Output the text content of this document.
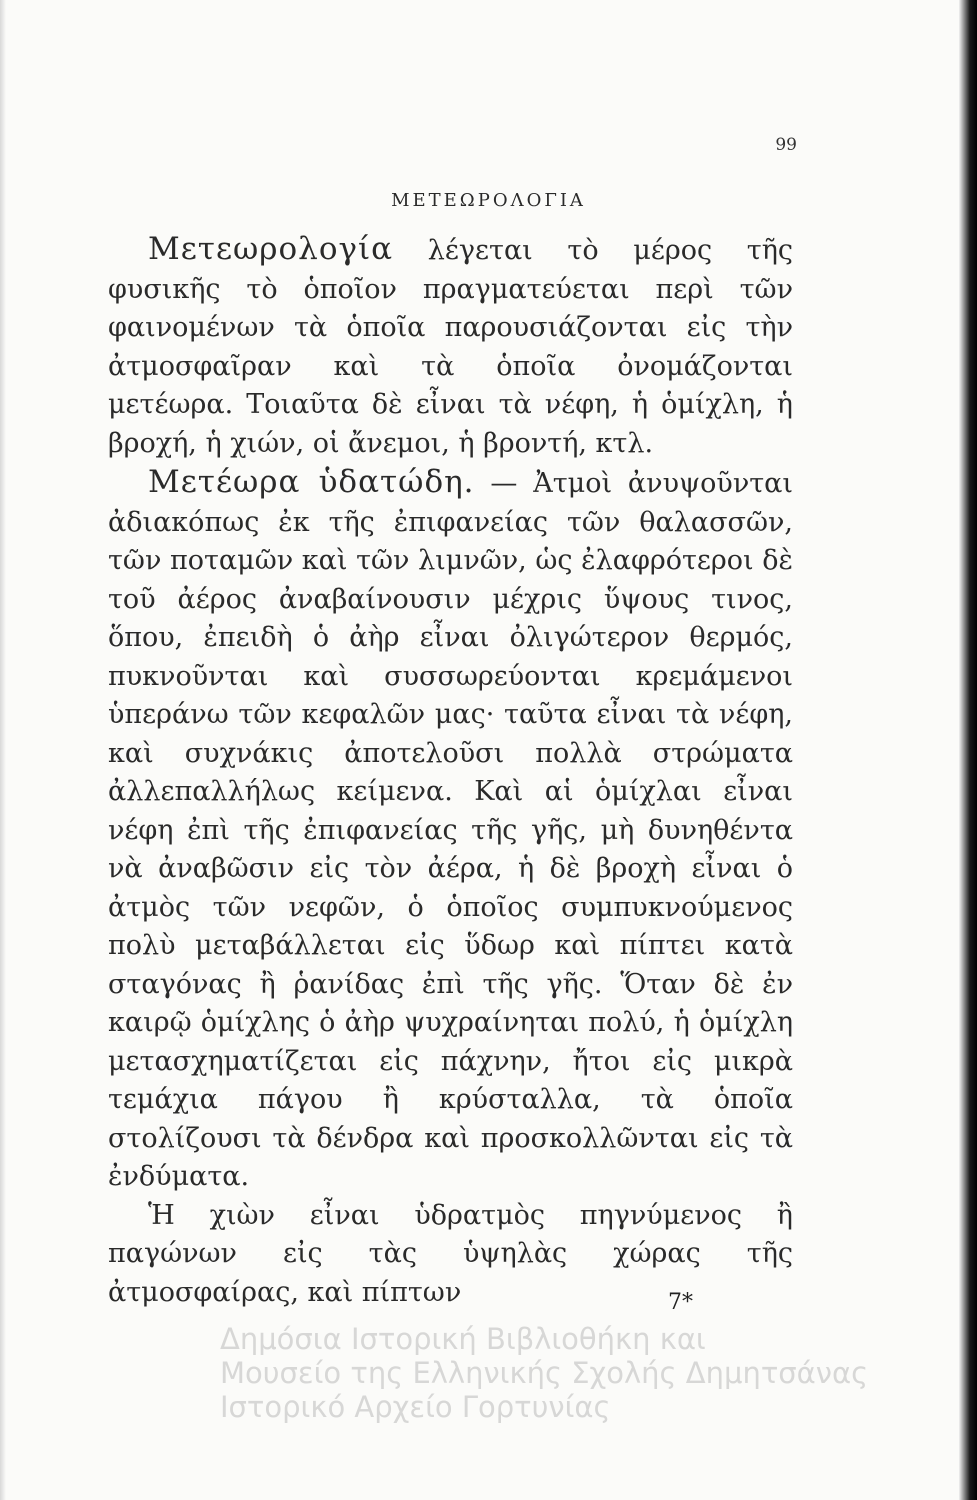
99
ΜΕΤΕΩΡΟΛΟΓΙΑ

Μετεωρολογία λέγεται τὸ μέρος τῆς φυσικῆς τὸ ὁποῖον πραγματεύεται περὶ τῶν φαινομένων τὰ ὁποῖα παρουσιάζονται εἰς τὴν ἀτμοσφαῖραν καὶ τὰ ὁποῖα ὀνομάζονται μετέωρα. Τοιαῦτα δὲ εἶναι τὰ νέφη, ἡ ὁμίχλη, ἡ βροχή, ἡ χιών, οἱ ἄνεμοι, ἡ βροντή, κτλ.

Μετέωρα ὑδατώδη. — Ἀτμοὶ ἀνυψοῦνται ἀδιακόπως ἐκ τῆς ἐπιφανείας τῶν θαλασσῶν, τῶν ποταμῶν καὶ τῶν λιμνῶν, ὡς ἐλαφρότεροι δὲ τοῦ ἀέρος ἀναβαίνουσιν μέχρις ὕψους τινος, ὅπου, ἐπειδὴ ὁ ἀὴρ εἶναι ὀλιγώτερον θερμός, πυκνοῦνται καὶ συσσωρεύονται κρεμάμενοι ὑπεράνω τῶν κεφαλῶν μας· ταῦτα εἶναι τὰ νέφη, καὶ συχνάκις ἀποτελοῦσι πολλὰ στρώματα ἀλλεπαλλήλως κείμενα. Καὶ αἱ ὁμίχλαι εἶναι νέφη ἐπὶ τῆς ἐπιφανείας τῆς γῆς, μὴ δυνηθέντα νὰ ἀναβῶσιν εἰς τὸν ἀέρα, ἡ δὲ βροχὴ εἶναι ὁ ἀτμὸς τῶν νεφῶν, ὁ ὁποῖος συμπυκνούμενος πολὺ μεταβάλλεται εἰς ὕδωρ καὶ πίπτει κατὰ σταγόνας ἢ ῥανίδας ἐπὶ τῆς γῆς. Ὅταν δὲ ἐν καιρῷ ὁμίχλης ὁ ἀὴρ ψυχραίνηται πολύ, ἡ ὁμίχλη μετασχηματίζεται εἰς πάχνην, ἤτοι εἰς μικρὰ τεμάχια πάγου ἢ κρύσταλλα, τὰ ὁποῖα στολίζουσι τὰ δένδρα καὶ προσκολλῶνται εἰς τὰ ἐνδύματα.

Ἡ χιὼν εἶναι ὑδρατμὸς πηγνύμενος ἢ παγώνων εἰς τὰς ὑψηλὰς χώρας τῆς ἀτμοσφαίρας, καὶ πίπτων	7*
Δημόσια Ιστορική Βιβλιοθήκη και
Μουσείο της Ελληνικής Σχολής Δημητσάνας
Ιστορικό Αρχείο Γορτυνίας
